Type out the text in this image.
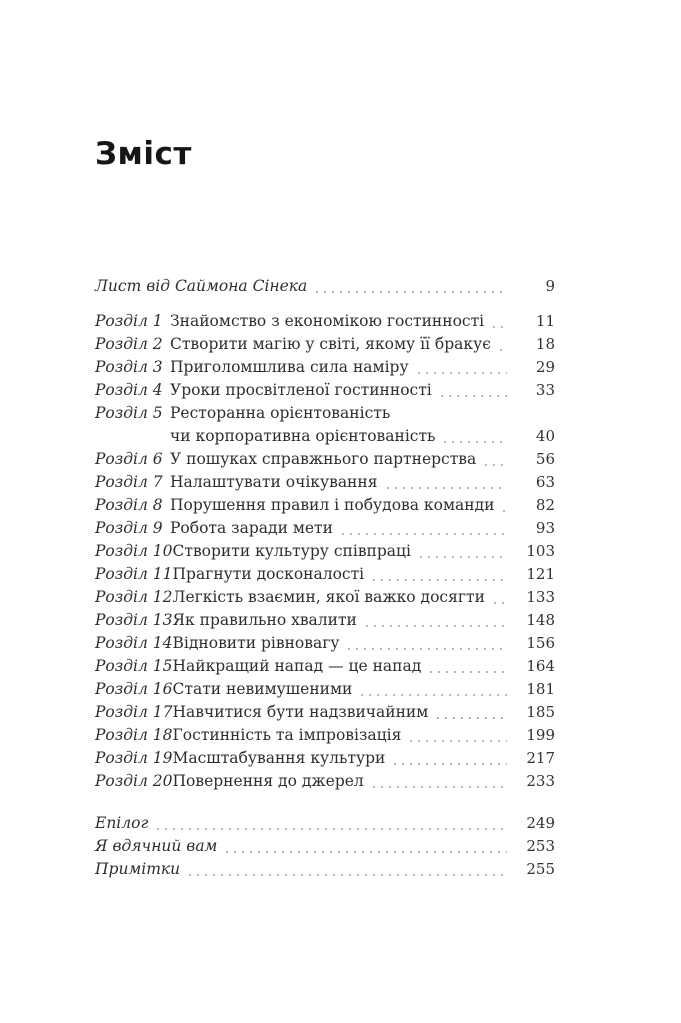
Зміст
Лист від Саймона Сінека	9
Розділ 1 Знайомство з економікою гостинності	11
Розділ 2 Створити магію у світі, якому її бракує	18
Розділ 3 Приголомшлива сила наміру	29
Розділ 4 Уроки просвітленої гостинності	33
Розділ 5 Ресторанна орієнтованість
чи корпоративна орієнтованість	40
Розділ 6 У пошуках справжнього партнерства	56
Розділ 7 Налаштувати очікування	63
Розділ 8 Порушення правил і побудова команди	82
Розділ 9 Робота заради мети	93
Розділ 10 Створити культуру співпраці	103
Розділ 11 Прагнути досконалості	121
Розділ 12 Легкість взаємин, якої важко досягти	133
Розділ 13 Як правильно хвалити	148
Розділ 14 Відновити рівновагу	156
Розділ 15 Найкращий напад — це напад	164
Розділ 16 Стати невимушеними	181
Розділ 17 Навчитися бути надзвичайним	185
Розділ 18 Гостинність та імпровізація	199
Розділ 19 Масштабування культури	217
Розділ 20 Повернення до джерел	233
Епілог	249
Я вдячний вам	253
Примітки	255
